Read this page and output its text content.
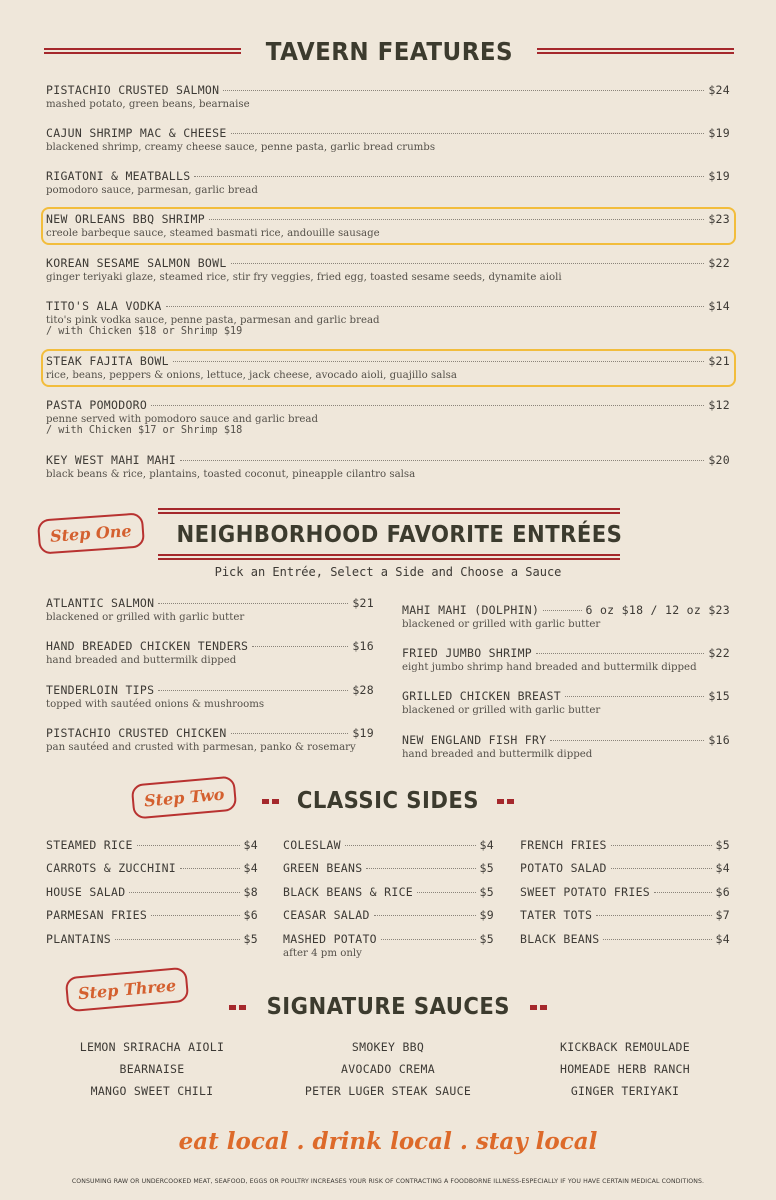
TAVERN FEATURES
PISTACHIO CRUSTED SALMON	$24
mashed potato, green beans, bearnaise
CAJUN SHRIMP MAC & CHEESE	$19
blackened shrimp, creamy cheese sauce, penne pasta, garlic bread crumbs
RIGATONI & MEATBALLS	$19
pomodoro sauce, parmesan, garlic bread
NEW ORLEANS BBQ SHRIMP	$23
creole barbeque sauce, steamed basmati rice, andouille sausage
KOREAN SESAME SALMON BOWL	$22
ginger teriyaki glaze, steamed rice, stir fry veggies, fried egg, toasted sesame seeds, dynamite aioli
TITO'S ALA VODKA	$14
tito's pink vodka sauce, penne pasta, parmesan and garlic bread
/ with Chicken $18 or Shrimp $19
STEAK FAJITA BOWL	$21
rice, beans, peppers & onions, lettuce, jack cheese, avocado aioli, guajillo salsa
PASTA POMODORO	$12
penne served with pomodoro sauce and garlic bread
/ with Chicken $17 or Shrimp $18
KEY WEST MAHI MAHI	$20
black beans & rice, plantains, toasted coconut, pineapple cilantro salsa
Step One	NEIGHBORHOOD FAVORITE ENTRÉES
Pick an Entrée, Select a Side and Choose a Sauce
ATLANTIC SALMON	$21
blackened or grilled with garlic butter
HAND BREADED CHICKEN TENDERS	$16
hand breaded and buttermilk dipped
TENDERLOIN TIPS	$28
topped with sautéed onions & mushrooms
PISTACHIO CRUSTED CHICKEN	$19
pan sautéed and crusted with parmesan, panko & rosemary
MAHI MAHI (DOLPHIN)	6 oz $18 / 12 oz $23
blackened or grilled with garlic butter
FRIED JUMBO SHRIMP	$22
eight jumbo shrimp hand breaded and buttermilk dipped
GRILLED CHICKEN BREAST	$15
blackened or grilled with garlic butter
NEW ENGLAND FISH FRY	$16
hand breaded and buttermilk dipped
Step Two	CLASSIC SIDES
STEAMED RICE	$4
CARROTS & ZUCCHINI	$4
HOUSE SALAD	$8
PARMESAN FRIES	$6
PLANTAINS	$5
COLESLAW	$4
GREEN BEANS	$5
BLACK BEANS & RICE	$5
CEASAR SALAD	$9
MASHED POTATO	$5
after 4 pm only
FRENCH FRIES	$5
POTATO SALAD	$4
SWEET POTATO FRIES	$6
TATER TOTS	$7
BLACK BEANS	$4
Step Three
SIGNATURE SAUCES
LEMON SRIRACHA AIOLI
BEARNAISE
MANGO SWEET CHILI
SMOKEY BBQ
AVOCADO CREMA
PETER LUGER STEAK SAUCE
KICKBACK REMOULADE
HOMEADE HERB RANCH
GINGER TERIYAKI
eat local . drink local . stay local
CONSUMING RAW OR UNDERCOOKED MEAT, SEAFOOD, EGGS OR POULTRY INCREASES YOUR RISK OF CONTRACTING A FOODBORNE ILLNESS-ESPECIALLY IF YOU HAVE CERTAIN MEDICAL CONDITIONS.
